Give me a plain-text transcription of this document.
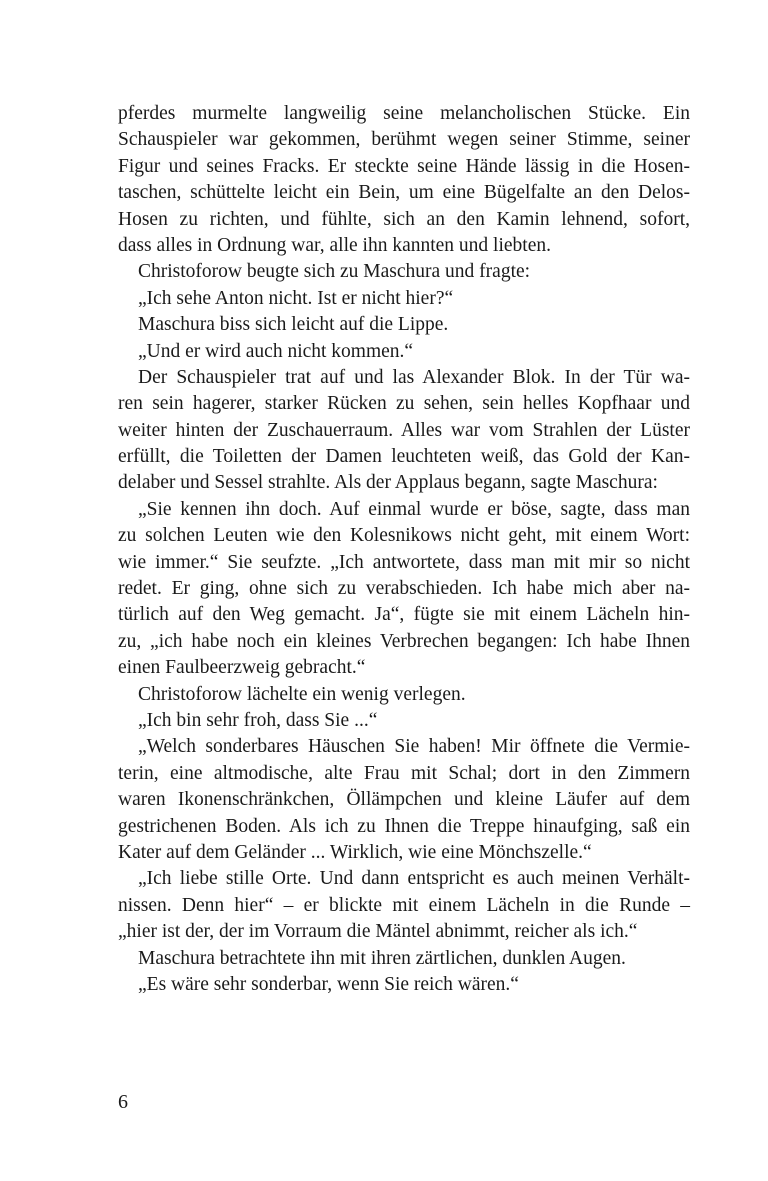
pferdes murmelte langweilig seine melancholischen Stücke. Ein
Schauspieler war gekommen, berühmt wegen seiner Stimme, seiner
Figur und seines Fracks. Er steckte seine Hände lässig in die Hosen-
taschen, schüttelte leicht ein Bein, um eine Bügelfalte an den Delos-
Hosen zu richten, und fühlte, sich an den Kamin lehnend, sofort,
dass alles in Ordnung war, alle ihn kannten und liebten.
Christoforow beugte sich zu Maschura und fragte:
„Ich sehe Anton nicht. Ist er nicht hier?“
Maschura biss sich leicht auf die Lippe.
„Und er wird auch nicht kommen.“
Der Schauspieler trat auf und las Alexander Blok. In der Tür wa-
ren sein hagerer, starker Rücken zu sehen, sein helles Kopfhaar und
weiter hinten der Zuschauerraum. Alles war vom Strahlen der Lüster
erfüllt, die Toiletten der Damen leuchteten weiß, das Gold der Kan-
delaber und Sessel strahlte. Als der Applaus begann, sagte Maschura:
„Sie kennen ihn doch. Auf einmal wurde er böse, sagte, dass man
zu solchen Leuten wie den Kolesnikows nicht geht, mit einem Wort:
wie immer.“ Sie seufzte. „Ich antwortete, dass man mit mir so nicht
redet. Er ging, ohne sich zu verabschieden. Ich habe mich aber na-
türlich auf den Weg gemacht. Ja“, fügte sie mit einem Lächeln hin-
zu, „ich habe noch ein kleines Verbrechen begangen: Ich habe Ihnen
einen Faulbeerzweig gebracht.“
Christoforow lächelte ein wenig verlegen.
„Ich bin sehr froh, dass Sie ...“
„Welch sonderbares Häuschen Sie haben! Mir öffnete die Vermie-
terin, eine altmodische, alte Frau mit Schal; dort in den Zimmern
waren Ikonenschränkchen, Öllämpchen und kleine Läufer auf dem
gestrichenen Boden. Als ich zu Ihnen die Treppe hinaufging, saß ein
Kater auf dem Geländer ... Wirklich, wie eine Mönchszelle.“
„Ich liebe stille Orte. Und dann entspricht es auch meinen Verhält-
nissen. Denn hier“ – er blickte mit einem Lächeln in die Runde –
„hier ist der, der im Vorraum die Mäntel abnimmt, reicher als ich.“
Maschura betrachtete ihn mit ihren zärtlichen, dunklen Augen.
„Es wäre sehr sonderbar, wenn Sie reich wären.“
6
